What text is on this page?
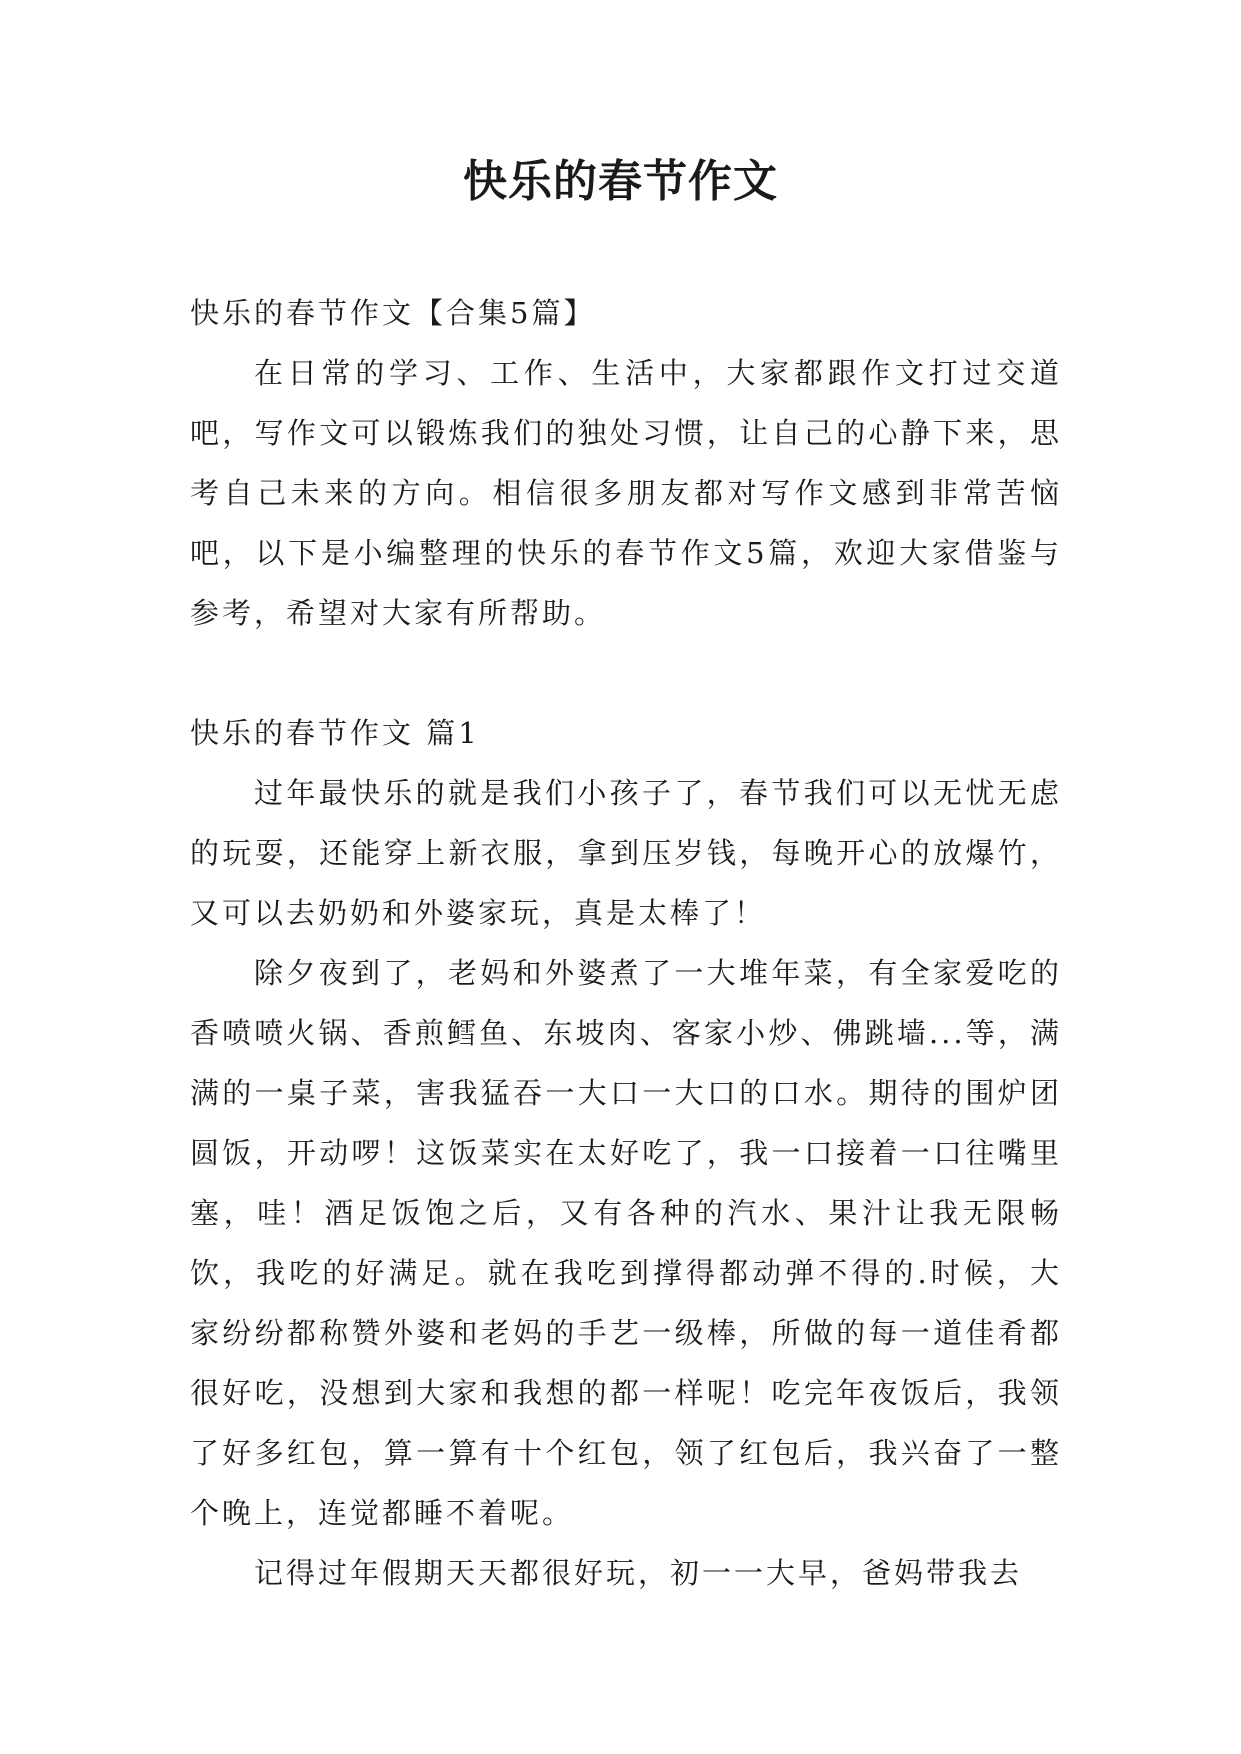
快乐的春节作文

快乐的春节作文【合集5篇】

在日常的学习、工作、生活中，大家都跟作文打过交道吧，写作文可以锻炼我们的独处习惯，让自己的心静下来，思考自己未来的方向。相信很多朋友都对写作文感到非常苦恼吧，以下是小编整理的快乐的春节作文5篇，欢迎大家借鉴与参考，希望对大家有所帮助。

快乐的春节作文 篇1

过年最快乐的就是我们小孩子了，春节我们可以无忧无虑的玩耍，还能穿上新衣服，拿到压岁钱，每晚开心的放爆竹，又可以去奶奶和外婆家玩，真是太棒了！

除夕夜到了，老妈和外婆煮了一大堆年菜，有全家爱吃的香喷喷火锅、香煎鳕鱼、东坡肉、客家小炒、佛跳墙...等，满满的一桌子菜，害我猛吞一大口一大口的口水。期待的围炉团圆饭，开动啰！这饭菜实在太好吃了，我一口接着一口往嘴里塞，哇！酒足饭饱之后，又有各种的汽水、果汁让我无限畅饮，我吃的好满足。就在我吃到撑得都动弹不得的.时候，大家纷纷都称赞外婆和老妈的手艺一级棒，所做的每一道佳肴都很好吃，没想到大家和我想的都一样呢！吃完年夜饭后，我领了好多红包，算一算有十个红包，领了红包后，我兴奋了一整个晚上，连觉都睡不着呢。

记得过年假期天天都很好玩，初一一大早，爸妈带我去
